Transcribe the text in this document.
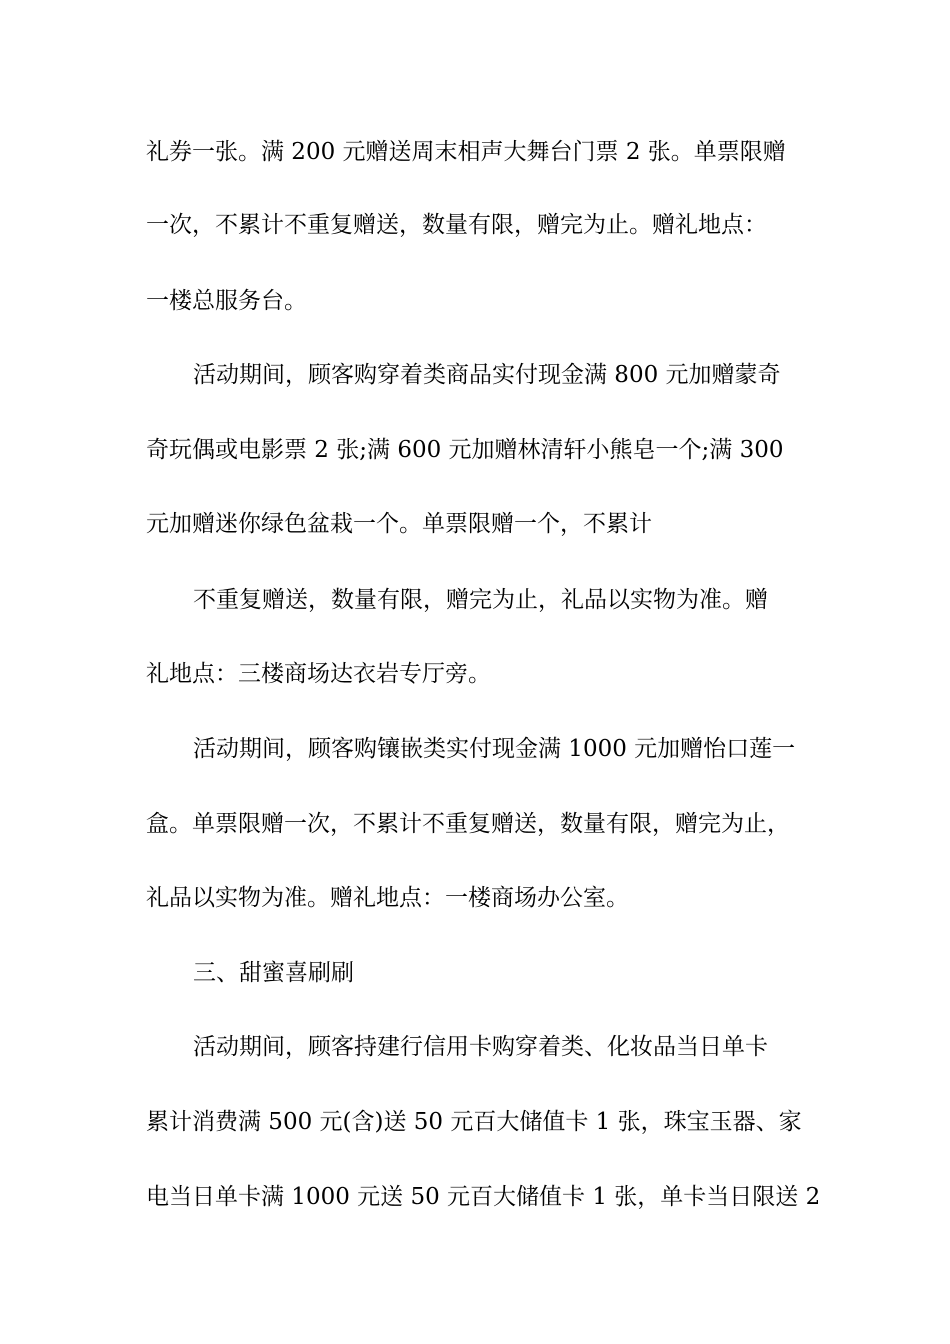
礼券一张。满 200 元赠送周末相声大舞台门票 2 张。单票限赠
一次，不累计不重复赠送，数量有限，赠完为止。赠礼地点：
一楼总服务台。
活动期间，顾客购穿着类商品实付现金满 800 元加赠蒙奇
奇玩偶或电影票 2 张;满 600 元加赠林清轩小熊皂一个;满 300
元加赠迷你绿色盆栽一个。单票限赠一个，不累计
不重复赠送，数量有限，赠完为止，礼品以实物为准。赠
礼地点：三楼商场达衣岩专厅旁。
活动期间，顾客购镶嵌类实付现金满 1000 元加赠怡口莲一
盒。单票限赠一次，不累计不重复赠送，数量有限，赠完为止，
礼品以实物为准。赠礼地点：一楼商场办公室。
三、甜蜜喜刷刷
活动期间，顾客持建行信用卡购穿着类、化妆品当日单卡
累计消费满 500 元(含)送 50 元百大储值卡 1 张，珠宝玉器、家
电当日单卡满 1000 元送 50 元百大储值卡 1 张，单卡当日限送 2
